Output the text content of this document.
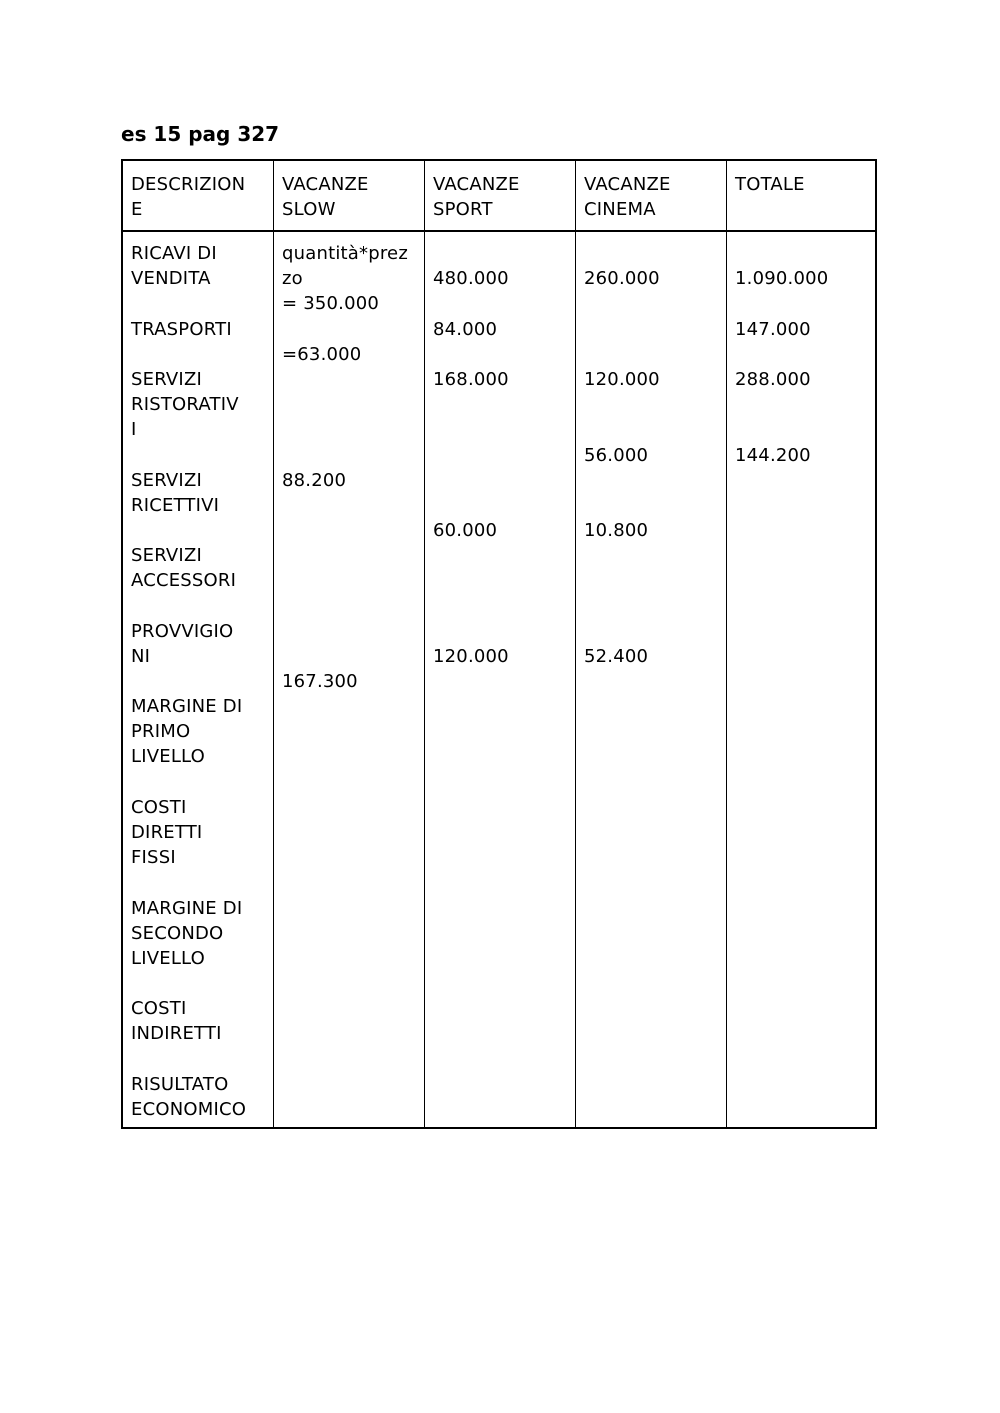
es 15 pag 327
DESCRIZION
E
VACANZE
SLOW
VACANZE
SPORT
VACANZE
CINEMA
TOTALE
RICAVI DI
VENDITA
TRASPORTI
SERVIZI
RISTORATIV
I
SERVIZI
RICETTIVI
SERVIZI
ACCESSORI
PROVVIGIO
NI
MARGINE DI
PRIMO
LIVELLO
COSTI
DIRETTI
FISSI
MARGINE DI
SECONDO
LIVELLO
COSTI
INDIRETTI
RISULTATO
ECONOMICO
quantità*prez
zo
= 350.000
=63.000
88.200
167.300
480.000
84.000
168.000
60.000
120.000
260.000
120.000
56.000
10.800
52.400
1.090.000
147.000
288.000
144.200
